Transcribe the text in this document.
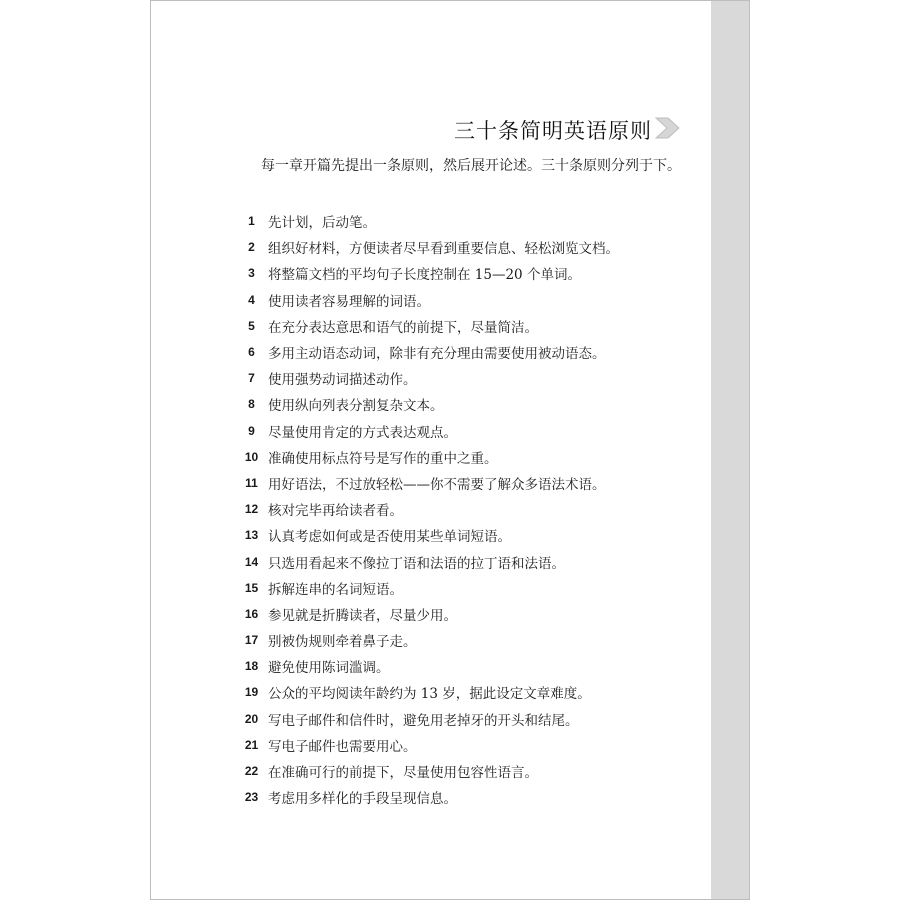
三十条简明英语原则

每一章开篇先提出一条原则，然后展开论述。三十条原则分列于下。

1 先计划，后动笔。
2 组织好材料，方便读者尽早看到重要信息、轻松浏览文档。
3 将整篇文档的平均句子长度控制在 15—20 个单词。
4 使用读者容易理解的词语。
5 在充分表达意思和语气的前提下，尽量简洁。
6 多用主动语态动词，除非有充分理由需要使用被动语态。
7 使用强势动词描述动作。
8 使用纵向列表分割复杂文本。
9 尽量使用肯定的方式表达观点。
10 准确使用标点符号是写作的重中之重。
11 用好语法，不过放轻松——你不需要了解众多语法术语。
12 核对完毕再给读者看。
13 认真考虑如何或是否使用某些单词短语。
14 只选用看起来不像拉丁语和法语的拉丁语和法语。
15 拆解连串的名词短语。
16 参见就是折腾读者，尽量少用。
17 别被伪规则牵着鼻子走。
18 避免使用陈词滥调。
19 公众的平均阅读年龄约为 13 岁，据此设定文章难度。
20 写电子邮件和信件时，避免用老掉牙的开头和结尾。
21 写电子邮件也需要用心。
22 在准确可行的前提下，尽量使用包容性语言。
23 考虑用多样化的手段呈现信息。
